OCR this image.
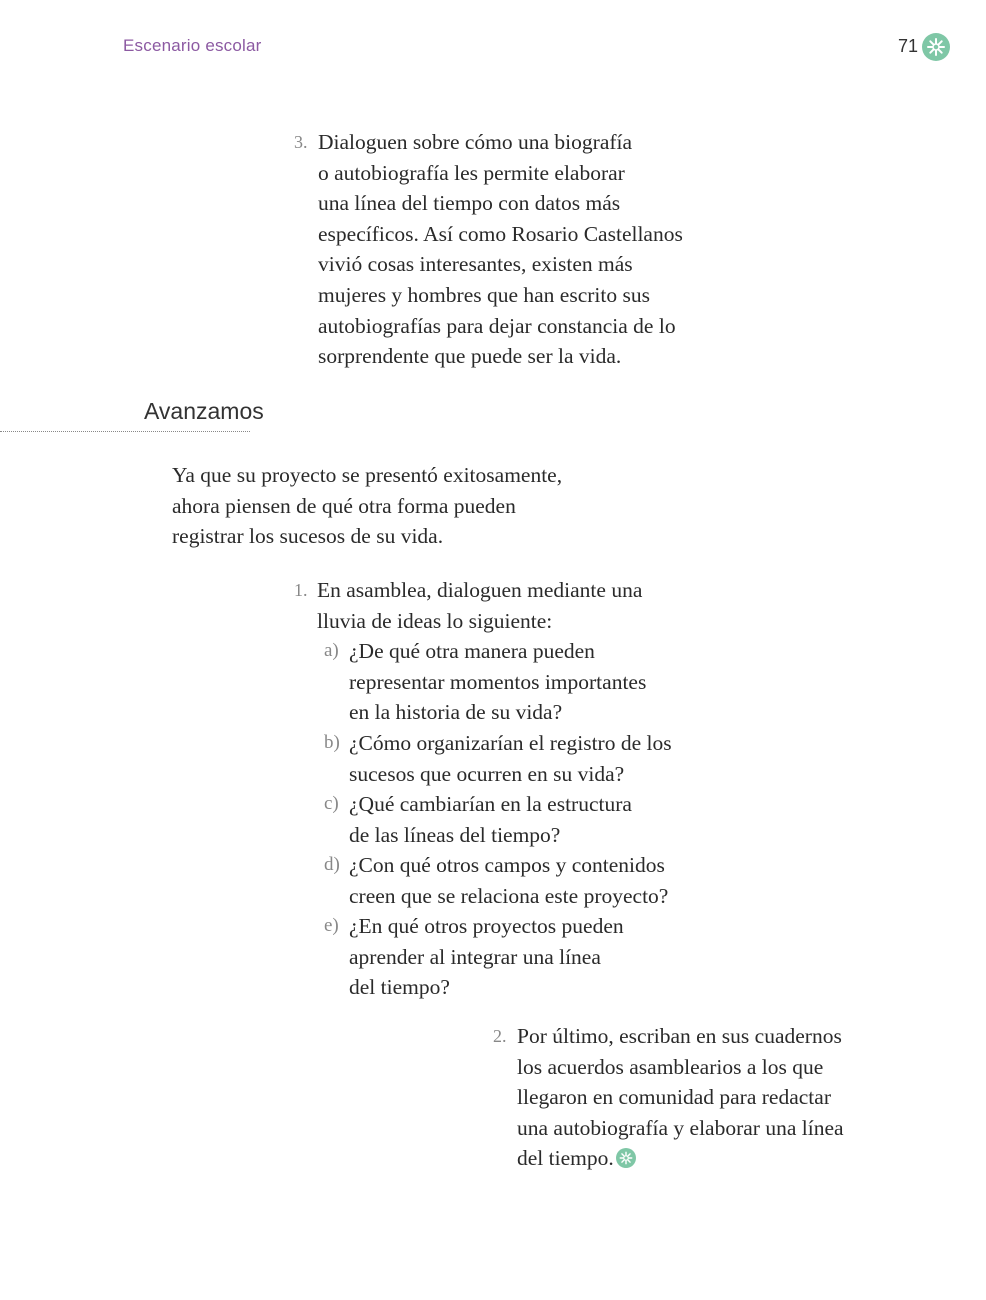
Escenario escolar	71
3. Dialoguen sobre cómo una biografía
o autobiografía les permite elaborar
una línea del tiempo con datos más
específicos. Así como Rosario Castellanos
vivió cosas interesantes, existen más
mujeres y hombres que han escrito sus
autobiografías para dejar constancia de lo
sorprendente que puede ser la vida.
Avanzamos
Ya que su proyecto se presentó exitosamente,
ahora piensen de qué otra forma pueden
registrar los sucesos de su vida.
1. En asamblea, dialoguen mediante una
lluvia de ideas lo siguiente:
a) ¿De qué otra manera pueden
representar momentos importantes
en la historia de su vida?
b) ¿Cómo organizarían el registro de los
sucesos que ocurren en su vida?
c) ¿Qué cambiarían en la estructura
de las líneas del tiempo?
d) ¿Con qué otros campos y contenidos
creen que se relaciona este proyecto?
e) ¿En qué otros proyectos pueden
aprender al integrar una línea
del tiempo?
2. Por último, escriban en sus cuadernos
los acuerdos asamblearios a los que
llegaron en comunidad para redactar
una autobiografía y elaborar una línea
del tiempo.
